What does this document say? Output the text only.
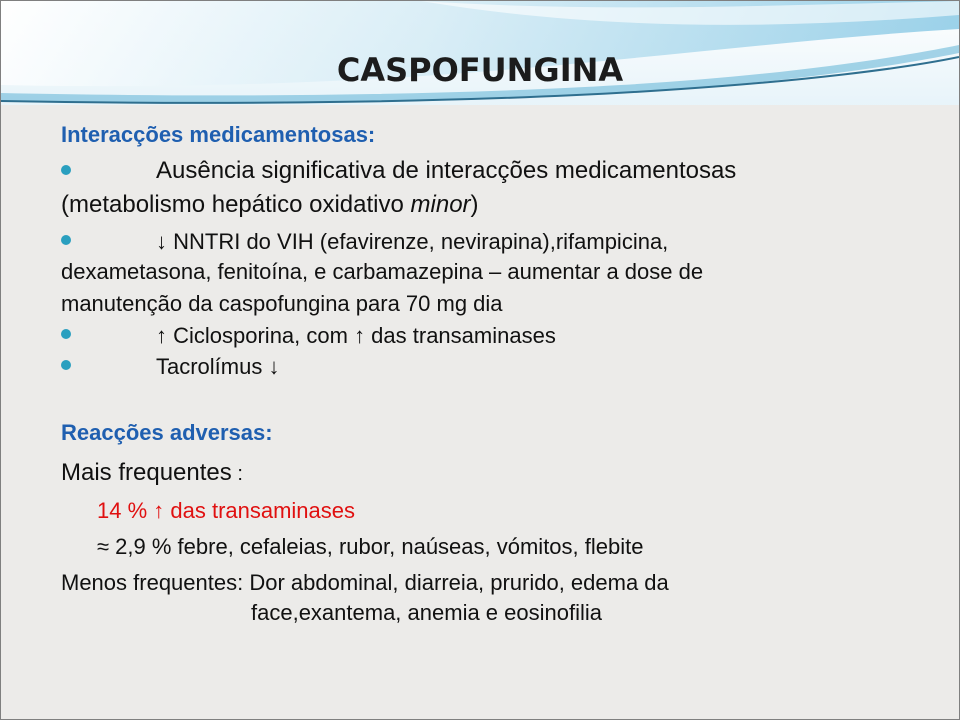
CASPOFUNGINA
Interacções medicamentosas:
Ausência significativa de interacções medicamentosas
(metabolismo hepático oxidativo minor)
↓ NNTRI do VIH (efavirenze, nevirapina),rifampicina,
dexametasona, fenitoína, e carbamazepina – aumentar a dose de
manutenção da caspofungina para 70 mg dia
↑ Ciclosporina, com ↑ das transaminases
Tacrolímus ↓
Reacções adversas:
Mais frequentes :
14 % ↑ das transaminases
≈ 2,9 % febre, cefaleias, rubor, naúseas, vómitos, flebite
Menos frequentes: Dor abdominal, diarreia, prurido, edema da
face,exantema, anemia e eosinofilia
